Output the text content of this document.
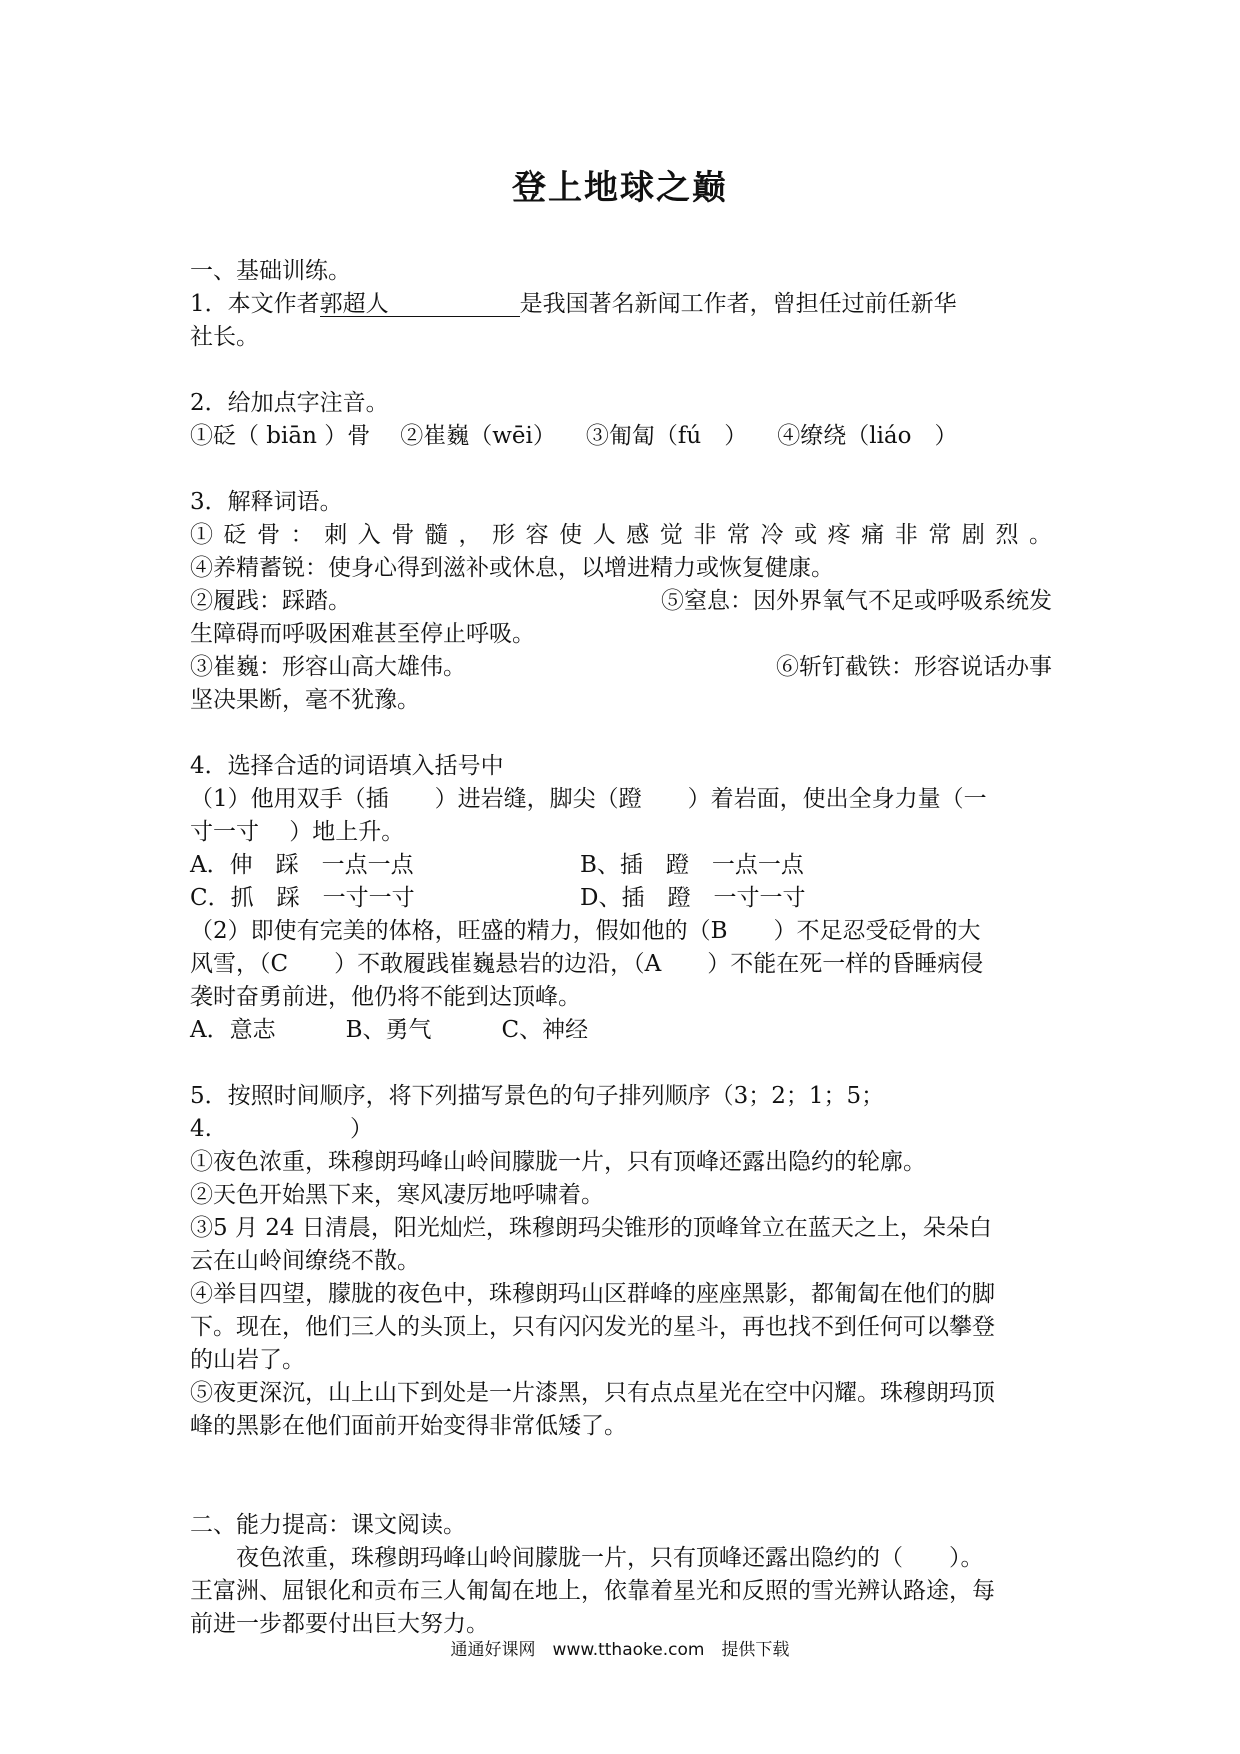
登上地球之巅

一、基础训练。

1．本文作者郭超人	是我国著名新闻工作者，曾担任过前任新华

社长。

2．给加点字注音。

①砭（ biān ）骨 ②崔巍（wēi） ③匍匐（fú　） ④缭绕（liáo　）

3．解释词语。

①砭骨：刺入骨髓，形容使人感觉非常冷或疼痛非常剧烈。

④养精蓄锐：使身心得到滋补或休息，以增进精力或恢复健康。

②履践：踩踏。	⑤窒息：因外界氧气不足或呼吸系统发

生障碍而呼吸困难甚至停止呼吸。

③崔巍：形容山高大雄伟。	⑥斩钉截铁：形容说话办事

坚决果断，毫不犹豫。

4．选择合适的词语填入括号中

（1）他用双手（插　　）进岩缝，脚尖（蹬　　）着岩面，使出全身力量（一

寸一寸　 ）地上升。

A．伸　踩　一点一点	B、插　蹬　一点一点
C．抓　踩　一寸一寸	D、插　蹬　一寸一寸

（2）即使有完美的体格，旺盛的精力，假如他的（B　　）不足忍受砭骨的大

风雪，（C　　）不敢履践崔巍悬岩的边沿，（A　　）不能在死一样的昏睡病侵

袭时奋勇前进，他仍将不能到达顶峰。

A．意志	B、勇气	C、神经

5．按照时间顺序，将下列描写景色的句子排列顺序（3；2；1；5；4.　　　　　　）

①夜色浓重，珠穆朗玛峰山岭间朦胧一片，只有顶峰还露出隐约的轮廓。

②天色开始黑下来，寒风凄厉地呼啸着。

③5 月 24 日清晨，阳光灿烂，珠穆朗玛尖锥形的顶峰耸立在蓝天之上，朵朵白

云在山岭间缭绕不散。

④举目四望，朦胧的夜色中，珠穆朗玛山区群峰的座座黑影，都匍匐在他们的脚

下。现在，他们三人的头顶上，只有闪闪发光的星斗，再也找不到任何可以攀登

的山岩了。

⑤夜更深沉，山上山下到处是一片漆黑，只有点点星光在空中闪耀。珠穆朗玛顶

峰的黑影在他们面前开始变得非常低矮了。

二、能力提高：课文阅读。

夜色浓重，珠穆朗玛峰山岭间朦胧一片，只有顶峰还露出隐约的（　　）。

王富洲、屈银化和贡布三人匍匐在地上，依靠着星光和反照的雪光辨认路途，每

前进一步都要付出巨大努力。

通通好课网　www.tthaoke.com　提供下载
